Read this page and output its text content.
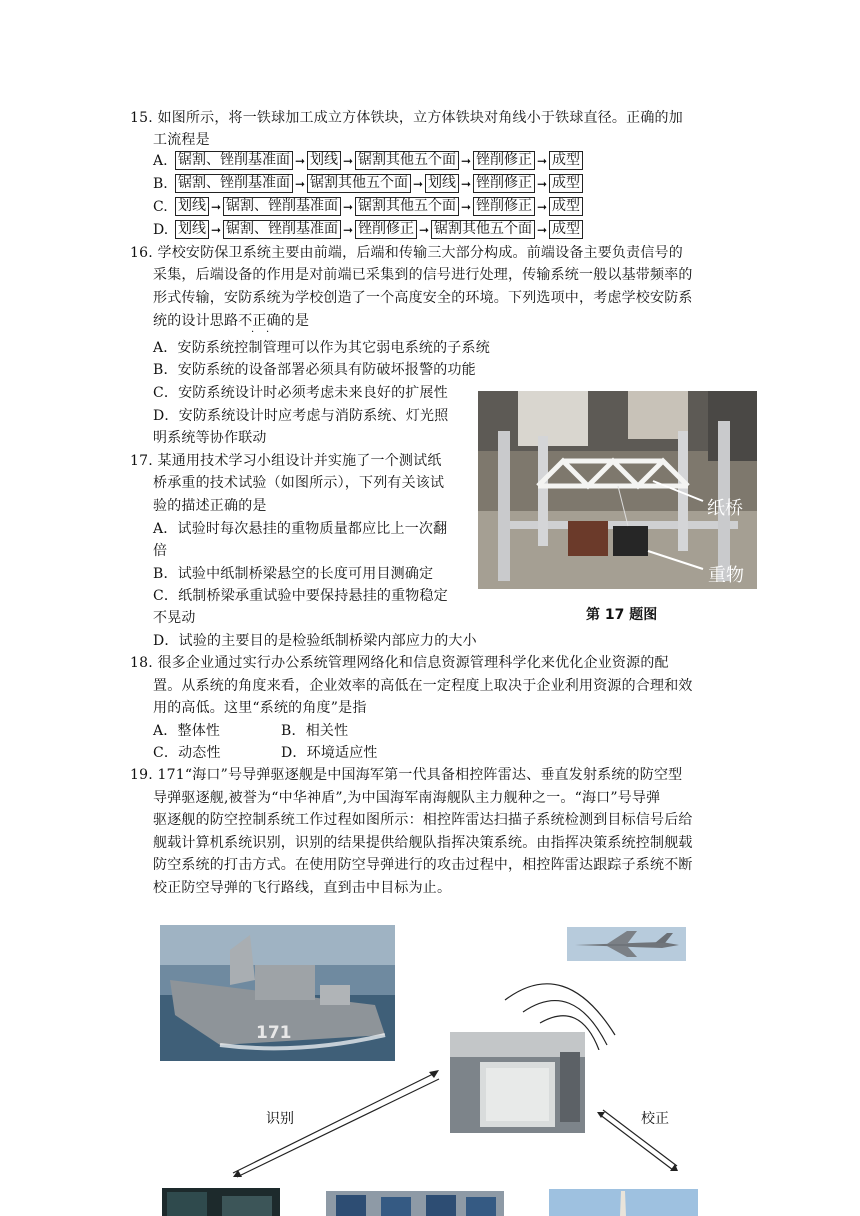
15. 如图所示，将一铁球加工成立方体铁块，立方体铁块对角线小于铁球直径。正确的加
工流程是
A. 锯割、锉削基准面 ➞ 划线 ➞ 锯割其他五个面 ➞ 锉削修正 ➞ 成型
B. 锯割、锉削基准面 ➞ 锯割其他五个面 ➞ 划线 ➞ 锉削修正 ➞ 成型
C. 划线 ➞ 锯割、锉削基准面 ➞ 锯割其他五个面 ➞ 锉削修正 ➞ 成型
D. 划线 ➞ 锯割、锉削基准面 ➞ 锉削修正 ➞ 锯割其他五个面 ➞ 成型
16. 学校安防保卫系统主要由前端，后端和传输三大部分构成。前端设备主要负责信号的
采集，后端设备的作用是对前端已采集到的信号进行处理，传输系统一般以基带频率的
形式传输，安防系统为学校创造了一个高度安全的环境。下列选项中，考虑学校安防系
统的设计思路不正确的是
· ·
A．安防系统控制管理可以作为其它弱电系统的子系统
B．安防系统的设备部署必须具有防破坏报警的功能
C．安防系统设计时必须考虑未来良好的扩展性
D．安防系统设计时应考虑与消防系统、灯光照
明系统等协作联动
17. 某通用技术学习小组设计并实施了一个测试纸
桥承重的技术试验（如图所示），下列有关该试
验的描述正确的是
A．试验时每次悬挂的重物质量都应比上一次翻
倍
B．试验中纸制桥梁悬空的长度可用目测确定
C．纸制桥梁承重试验中要保持悬挂的重物稳定
不晃动
D．试验的主要目的是检验纸制桥梁内部应力的大小
纸桥
重物
第 17 题图
18. 很多企业通过实行办公系统管理网络化和信息资源管理科学化来优化企业资源的配
置。从系统的角度来看，企业效率的高低在一定程度上取决于企业利用资源的合理和效
用的高低。这里“系统的角度”是指
A．整体性	B．相关性
C．动态性	D．环境适应性
19. 171“海口”号导弹驱逐舰是中国海军第一代具备相控阵雷达、垂直发射系统的防空型
导弹驱逐舰,被誉为“中华神盾”,为中国海军南海舰队主力舰种之一。“海口”号导弹
驱逐舰的防空控制系统工作过程如图所示：相控阵雷达扫描子系统检测到目标信号后给
舰载计算机系统识别，识别的结果提供给舰队指挥决策系统。由指挥决策系统控制舰载
防空系统的打击方式。在使用防空导弹进行的攻击过程中，相控阵雷达跟踪子系统不断
校正防空导弹的飞行路线，直到击中目标为止。
171
识别	校正
